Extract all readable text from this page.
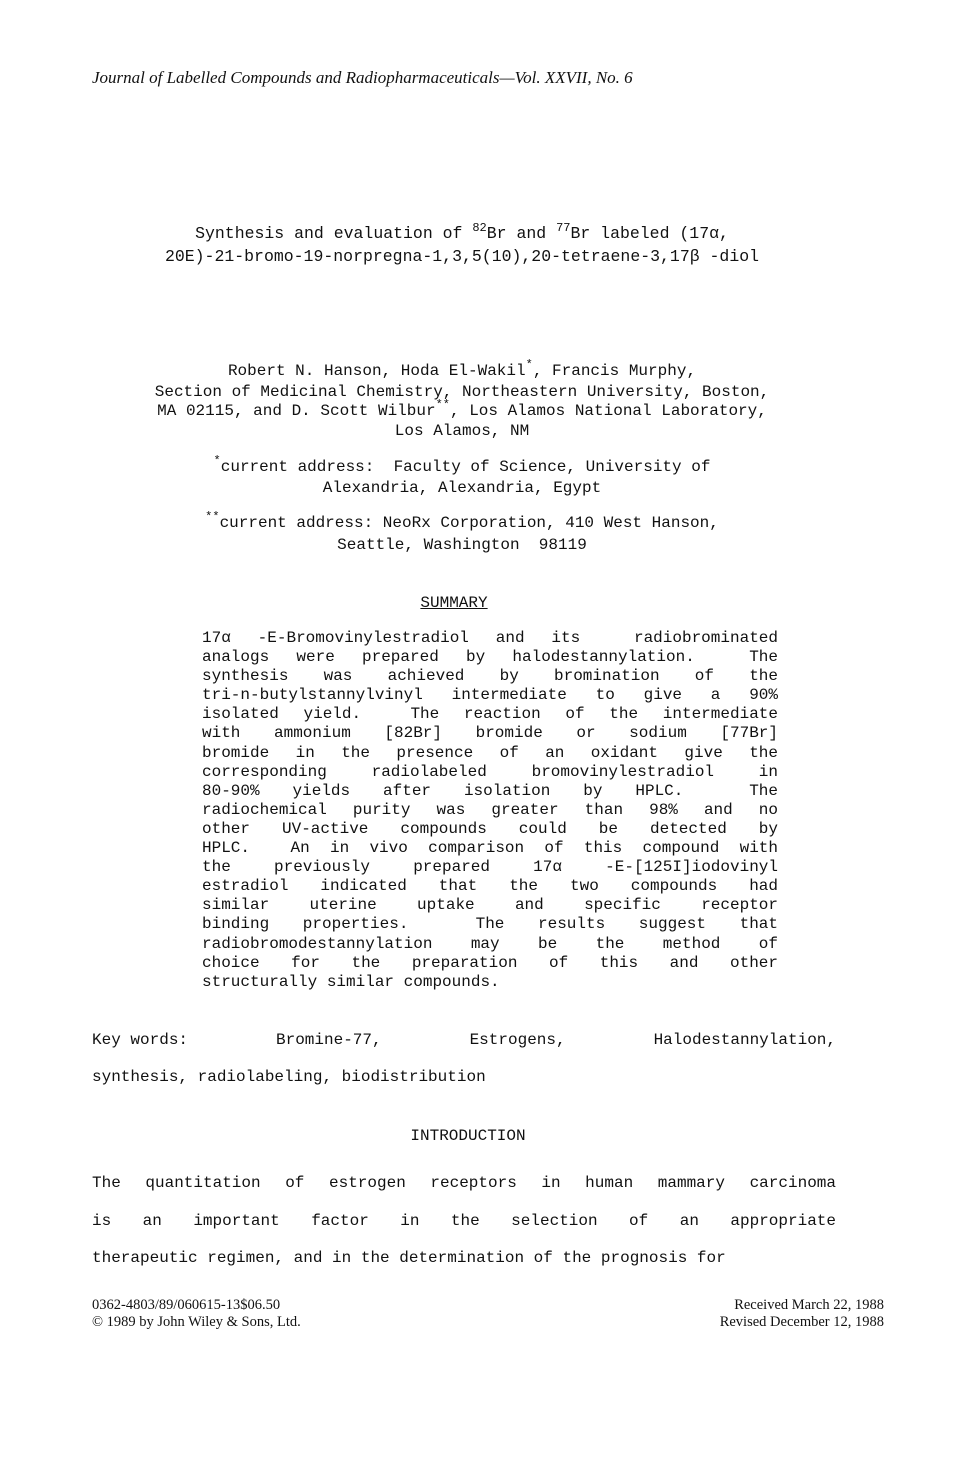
Journal of Labelled Compounds and Radiopharmaceuticals—Vol. XXVII, No. 6
Synthesis and evaluation of $^{82}$Br and $^{77}$Br labeled (17α,
20E)-21-bromo-19-norpregna-1,3,5(10),20-tetraene-3,17β -diol
Robert N. Hanson, Hoda El-Wakil*, Francis Murphy,
Section of Medicinal Chemistry, Northeastern University, Boston,
MA 02115, and D. Scott Wilbur**, Los Alamos National Laboratory,
Los Alamos, NM
*current address:  Faculty of Science, University of
Alexandria, Alexandria, Egypt
**current address: NeoRx Corporation, 410 West Hanson,
Seattle, Washington  98119
SUMMARY
17α -E-Bromovinylestradiol and its  radiobrominated
analogs were prepared by halodestannylation.  The
synthesis was achieved by bromination of the
tri-n-butylstannylvinyl intermediate to give a 90%
isolated yield.  The reaction of the intermediate
with ammonium [82Br] bromide or sodium [77Br]
bromide in the presence of an oxidant give the
corresponding radiolabeled bromovinylestradiol in
80-90% yields after isolation by HPLC.  The
radiochemical purity was greater than 98% and no
other UV-active compounds could be detected by
HPLC.  An in vivo comparison of this compound with
the previously prepared 17α -E-[125I]iodovinyl
estradiol indicated that the two compounds had
similar uterine uptake and specific receptor
binding properties.  The results suggest that
radiobromodestannylation may be the method of
choice for the preparation of this and other
structurally similar compounds.
Key words:	Bromine-77,	Estrogens,	Halodestannylation,
synthesis, radiolabeling, biodistribution
INTRODUCTION
The quantitation of estrogen receptors in human mammary carcinoma
is an important factor in the selection of an appropriate
therapeutic regimen, and in the determination of the prognosis for
0362-4803/89/060615-13$06.50
© 1989 by John Wiley & Sons, Ltd.
Received March 22, 1988
Revised December 12, 1988
